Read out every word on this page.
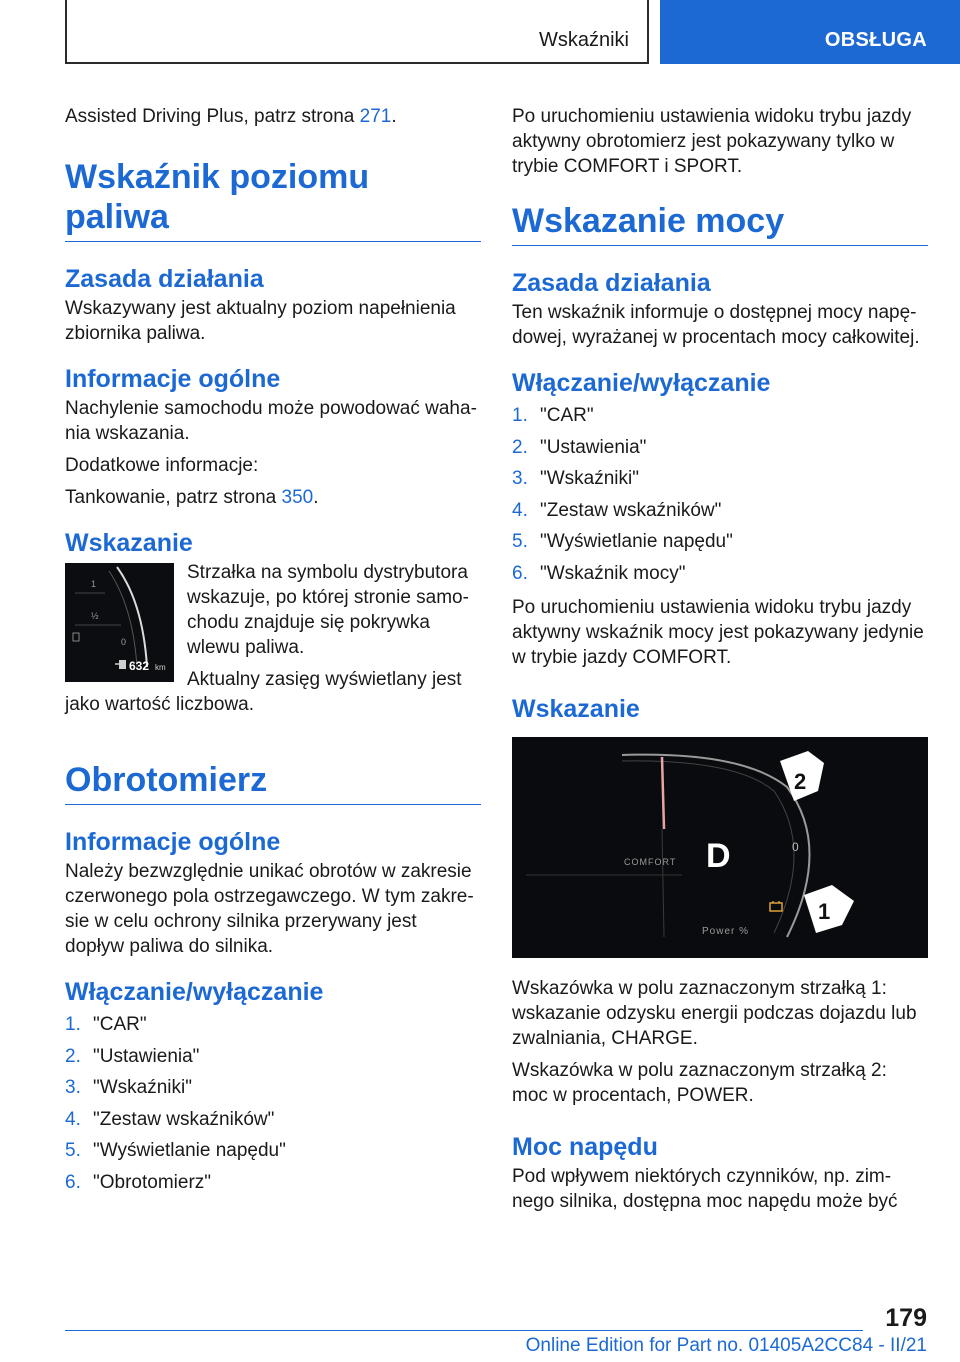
Wskaźniki	OBSŁUGA

Assisted Driving Plus, patrz strona 271.

Wskaźnik poziomu paliwa
Zasada działania

Wskazywany jest aktualny poziom napełnienia zbiornika paliwa.

Informacje ogólne

Nachylenie samochodu może powodować waha-nia wskazania.

Dodatkowe informacje:

Tankowanie, patrz strona 350.

Wskazanie
1
½
0
632 km

Strzałka na symbolu dystrybutora wskazuje, po której stronie samo-chodu znajduje się pokrywka wlewu paliwa.

Aktualny zasięg wyświetlany jest jako wartość liczbowa.

Obrotomierz
Informacje ogólne

Należy bezwzględnie unikać obrotów w zakresie czerwonego pola ostrzegawczego. W tym zakre-sie w celu ochrony silnika przerywany jest dopływ paliwa do silnika.

Włączanie/wyłączanie
1. "CAR"
2. "Ustawienia"
3. "Wskaźniki"
4. "Zestaw wskaźników"
5. "Wyświetlanie napędu"
6. "Obrotomierz"

Po uruchomieniu ustawienia widoku trybu jazdy aktywny obrotomierz jest pokazywany tylko w trybie COMFORT i SPORT.

Wskazanie mocy
Zasada działania

Ten wskaźnik informuje o dostępnej mocy napę-dowej, wyrażanej w procentach mocy całkowitej.

Włączanie/wyłączanie
1. "CAR"
2. "Ustawienia"
3. "Wskaźniki"
4. "Zestaw wskaźników"
5. "Wyświetlanie napędu"
6. "Wskaźnik mocy"

Po uruchomieniu ustawienia widoku trybu jazdy aktywny wskaźnik mocy jest pokazywany jedynie w trybie jazdy COMFORT.

Wskazanie
COMFORT D	0
Power %
2
1

Wskazówka w polu zaznaczonym strzałką 1: wskazanie odzysku energii podczas dojazdu lub zwalniania, CHARGE.

Wskazówka w polu zaznaczonym strzałką 2: moc w procentach, POWER.

Moc napędu

Pod wpływem niektórych czynników, np. zim-nego silnika, dostępna moc napędu może być

179
Online Edition for Part no. 01405A2CC84 - II/21
